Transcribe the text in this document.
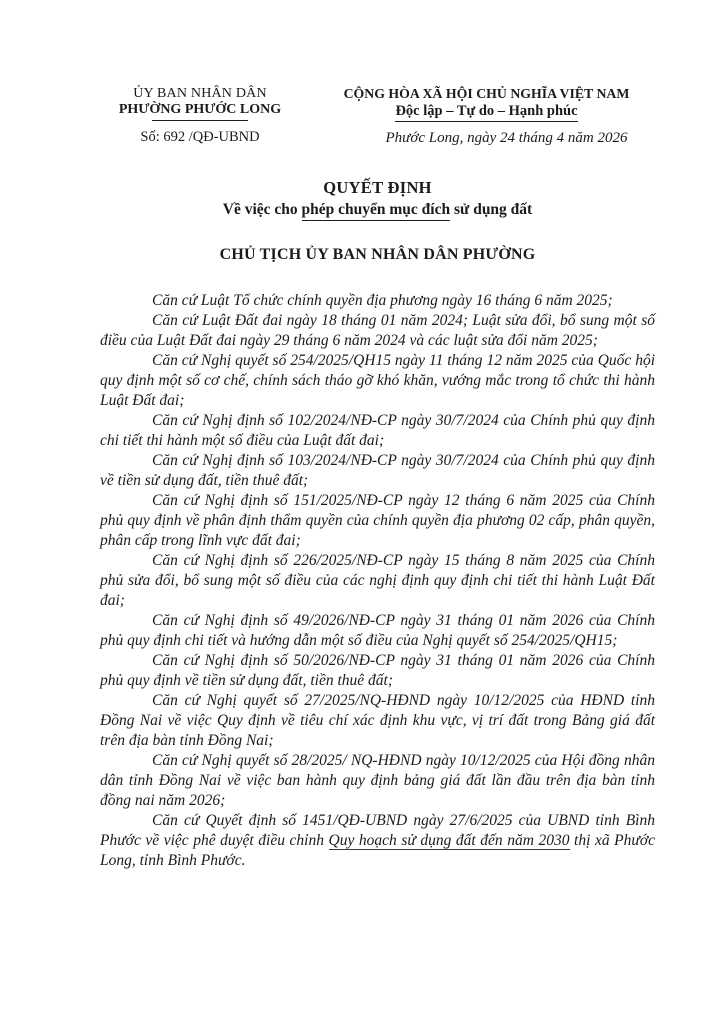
ỦY BAN NHÂN DÂN
PHƯỜNG PHƯỚC LONG
Số: 692 /QĐ-UBND
CỘNG HÒA XÃ HỘI CHỦ NGHĨA VIỆT NAM
Độc lập – Tự do – Hạnh phúc
Phước Long, ngày 24 tháng 4 năm 2026
QUYẾT ĐỊNH
Về việc cho phép chuyển mục đích sử dụng đất
CHỦ TỊCH ỦY BAN NHÂN DÂN PHƯỜNG

Căn cứ Luật Tổ chức chính quyền địa phương ngày 16 tháng 6 năm 2025;

Căn cứ Luật Đất đai ngày 18 tháng 01 năm 2024; Luật sửa đổi, bổ sung một số điều của Luật Đất đai ngày 29 tháng 6 năm 2024 và các luật sửa đổi năm 2025;

Căn cứ Nghị quyết số 254/2025/QH15 ngày 11 tháng 12 năm 2025 của Quốc hội quy định một số cơ chế, chính sách tháo gỡ khó khăn, vướng mắc trong tổ chức thi hành Luật Đất đai;

Căn cứ Nghị định số 102/2024/NĐ-CP ngày 30/7/2024 của Chính phủ quy định chi tiết thi hành một số điều của Luật đất đai;

Căn cứ Nghị định số 103/2024/NĐ-CP ngày 30/7/2024 của Chính phủ quy định về tiền sử dụng đất, tiền thuê đất;

Căn cứ Nghị định số 151/2025/NĐ-CP ngày 12 tháng 6 năm 2025 của Chính phủ quy định về phân định thẩm quyền của chính quyền địa phương 02 cấp, phân quyền, phân cấp trong lĩnh vực đất đai;

Căn cứ Nghị định số 226/2025/NĐ-CP ngày 15 tháng 8 năm 2025 của Chính phủ sửa đổi, bổ sung một số điều của các nghị định quy định chi tiết thi hành Luật Đất đai;

Căn cứ Nghị định số 49/2026/NĐ-CP ngày 31 tháng 01 năm 2026 của Chính phủ quy định chi tiết và hướng dẫn một số điều của Nghị quyết số 254/2025/QH15;

Căn cứ Nghị định số 50/2026/NĐ-CP ngày 31 tháng 01 năm 2026 của Chính phủ quy định về tiền sử dụng đất, tiền thuê đất;

Căn cứ Nghị quyết số 27/2025/NQ-HĐND ngày 10/12/2025 của HĐND tỉnh Đồng Nai về việc Quy định về tiêu chí xác định khu vực, vị trí đất trong Bảng giá đất trên địa bàn tỉnh Đồng Nai;

Căn cứ Nghị quyết số 28/2025/ NQ-HĐND ngày 10/12/2025 của Hội đồng nhân dân tỉnh Đồng Nai về việc ban hành quy định bảng giá đất lần đầu trên địa bàn tỉnh đồng nai năm 2026;

Căn cứ Quyết định số 1451/QĐ-UBND ngày 27/6/2025 của UBND tỉnh Bình Phước về việc phê duyệt điều chỉnh Quy hoạch sử dụng đất đến năm 2030 thị xã Phước Long, tỉnh Bình Phước.
